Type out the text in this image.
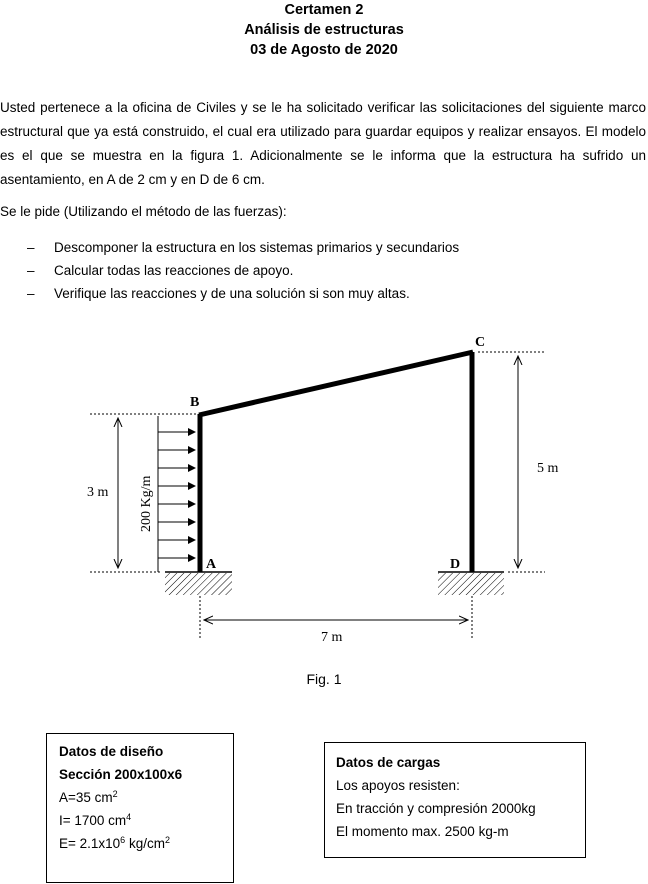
Certamen 2
Análisis de estructuras
03 de Agosto de 2020
Usted pertenece a la oficina de Civiles y se le ha solicitado verificar las solicitaciones del siguiente marco estructural que ya está construido, el cual era utilizado para guardar equipos y realizar ensayos. El modelo es el que se muestra en la figura 1. Adicionalmente se le informa que la estructura ha sufrido un asentamiento, en A de 2 cm y en D de 6 cm.
Se le pide (Utilizando el método de las fuerzas):
– Descomponer la estructura en los sistemas primarios y secundarios
– Calcular todas las reacciones de apoyo.
– Verifique las reacciones y de una solución si son muy altas.
B
C
A	D
3 m
5 m
7 m
200 Kg/m
Fig. 1
Datos de diseño
Sección 200x100x6
A=35 $cm^2$
I= 1700 $cm^4$
$E= 2.1x10^6$ $kg/cm^2$
Datos de cargas
Los apoyos resisten:
En tracción y compresión 2000kg
El momento max. 2500 kg-m
